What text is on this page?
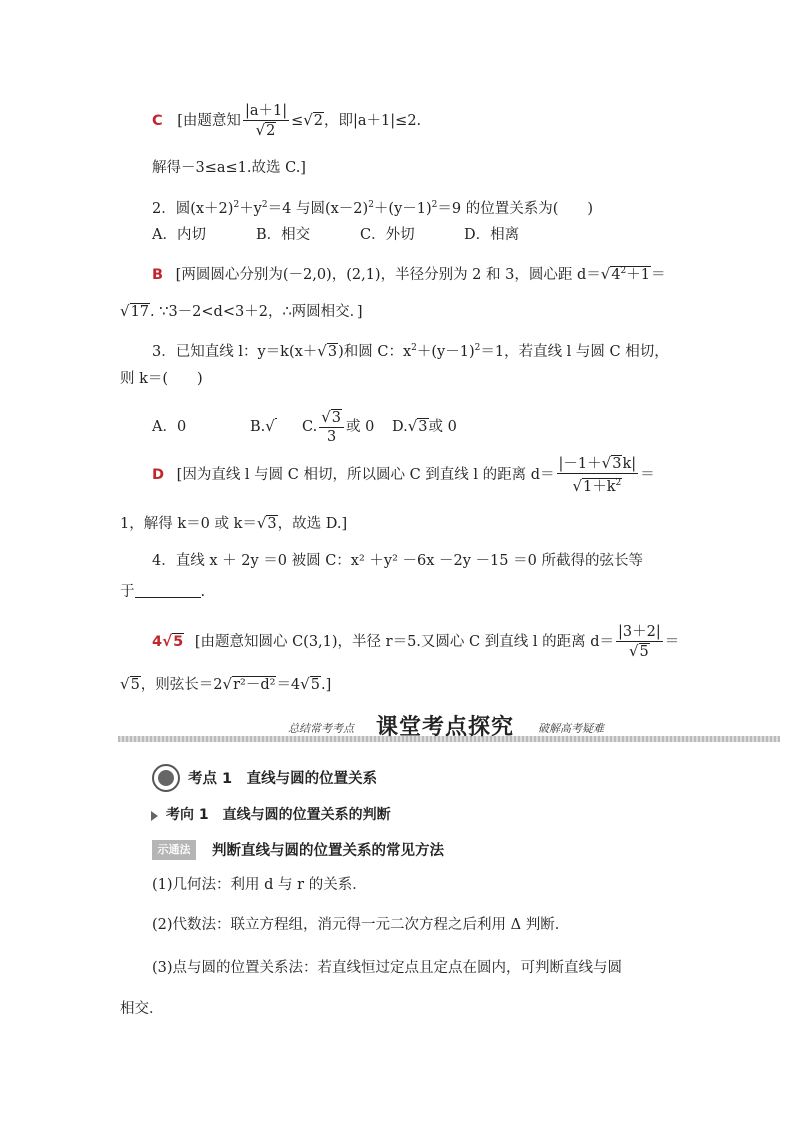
C [由题意知 $\frac{|a+1|}{√2} \le√2$，即|a＋1|≤2.
解得－3≤a≤1.故选 C.]
2．圆$(x+2)^2+y^2=4$ 与圆$(x-2)^2+(y-1)^2=9$ 的位置关系为(　　)
A．内切	B．相交	C．外切	D．相离
B [两圆圆心分别为(－2,0)，(2,1)，半径分别为 2 和 3，圆心距 $d=√4^2+1=$
√17. ∵3－2<d<3＋2，∴两圆相交．]
3．已知直线 l：y＝k(x＋√3)和圆 C：$x^2+(y-1)^2=1$，若直线 l 与圆 C 相切，
则 k＝(　　)
A．0	B.√ C. $\frac{√3}{3}$ 或 0 D.√3或 0
D [因为直线 l 与圆 C 相切，所以圆心 C 到直线 l 的距离 $d= \frac{|-1+√3k|}{√1+k^2}$ ＝
1，解得 k＝0 或 k＝√3，故选 D.]
4．直线 x ＋ 2y ＝0 被圆 C：x² ＋y² －6x －2y －15 ＝0 所截得的弦长等
于	.
4√5 [由题意知圆心 C(3,1)，半径 r＝5.又圆心 C 到直线 l 的距离 $d= \frac{|3+2|}{√5}$ ＝
√5，则弦长＝2√r²－d²＝4√5.]
总结常考考点 课堂考点探究 破解高考疑难
考点 1　直线与圆的位置关系
考向 1　直线与圆的位置关系的判断
示通法	判断直线与圆的位置关系的常见方法
(1)几何法：利用 d 与 r 的关系．
(2)代数法：联立方程组，消元得一元二次方程之后利用 Δ 判断．
(3)点与圆的位置关系法：若直线恒过定点且定点在圆内，可判断直线与圆
相交．
